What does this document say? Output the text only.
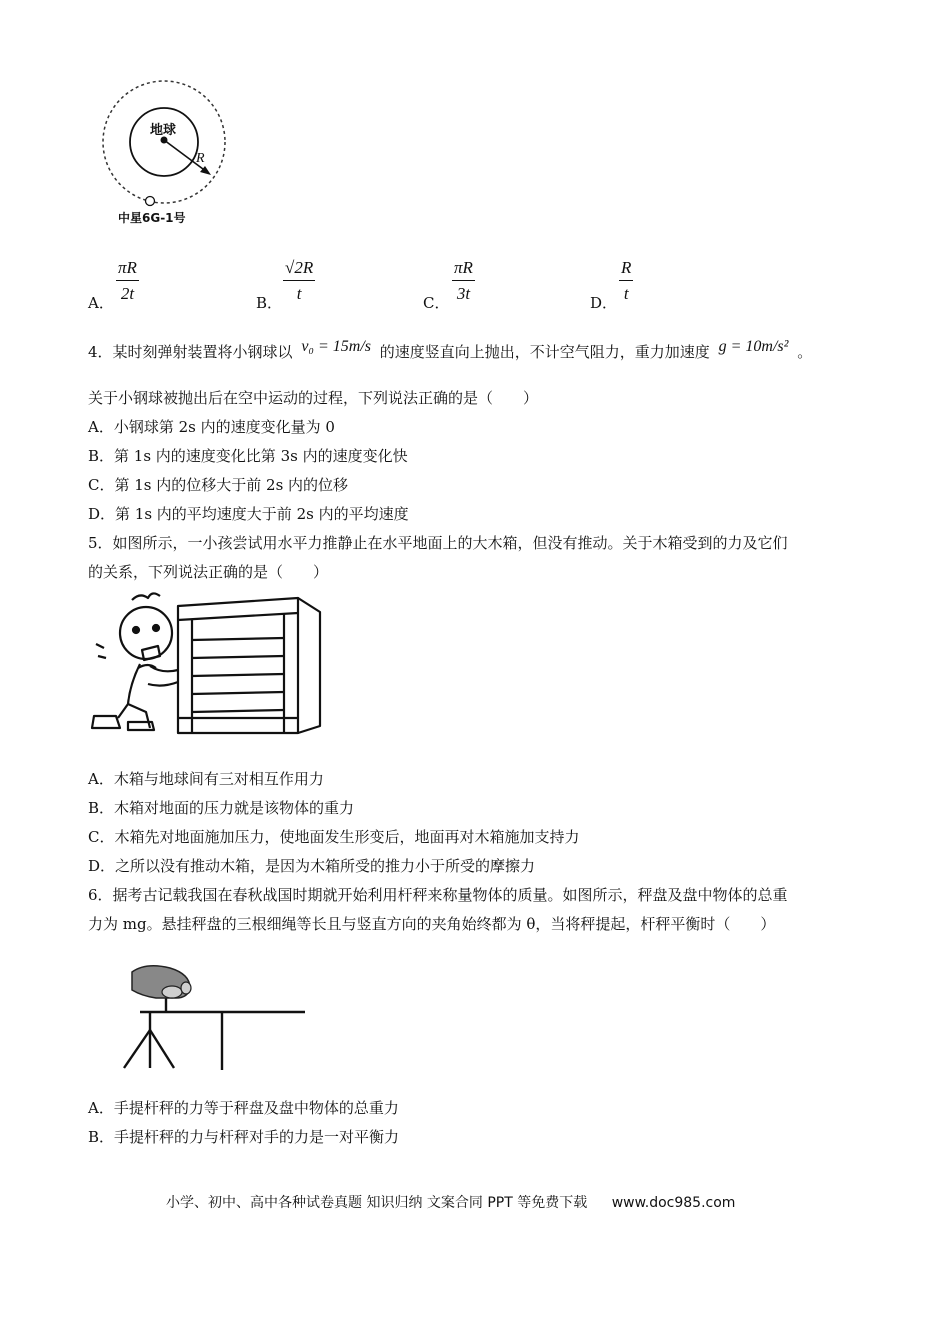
地球
R
中星6G-1号
A． $\frac{\pi R}{2t}$	B． $\frac{√2R}{t}$	C． $\frac{\pi R}{3t}$	D． $\frac{R}{t}$
4．某时刻弹射装置将小钢球以 v₀ = 15m/s 的速度竖直向上抛出，不计空气阻力，重力加速度 g = 10m/s² 。
关于小钢球被抛出后在空中运动的过程，下列说法正确的是（　　）
A．小钢球第 2s 内的速度变化量为 0
B．第 1s 内的速度变化比第 3s 内的速度变化快
C．第 1s 内的位移大于前 2s 内的位移
D．第 1s 内的平均速度大于前 2s 内的平均速度
5．如图所示，一小孩尝试用水平力推静止在水平地面上的大木箱，但没有推动。关于木箱受到的力及它们
的关系，下列说法正确的是（　　）
A．木箱与地球间有三对相互作用力
B．木箱对地面的压力就是该物体的重力
C．木箱先对地面施加压力，使地面发生形变后，地面再对木箱施加支持力
D．之所以没有推动木箱，是因为木箱所受的推力小于所受的摩擦力
6．据考古记载我国在春秋战国时期就开始利用杆秤来称量物体的质量。如图所示，秤盘及盘中物体的总重
力为 mg。悬挂秤盘的三根细绳等长且与竖直方向的夹角始终都为 θ，当将秤提起，杆秤平衡时（　　）
A．手提杆秤的力等于秤盘及盘中物体的总重力
B．手提杆秤的力与杆秤对手的力是一对平衡力
小学、初中、高中各种试卷真题 知识归纳 文案合同 PPT 等免费下载 www.doc985.com
